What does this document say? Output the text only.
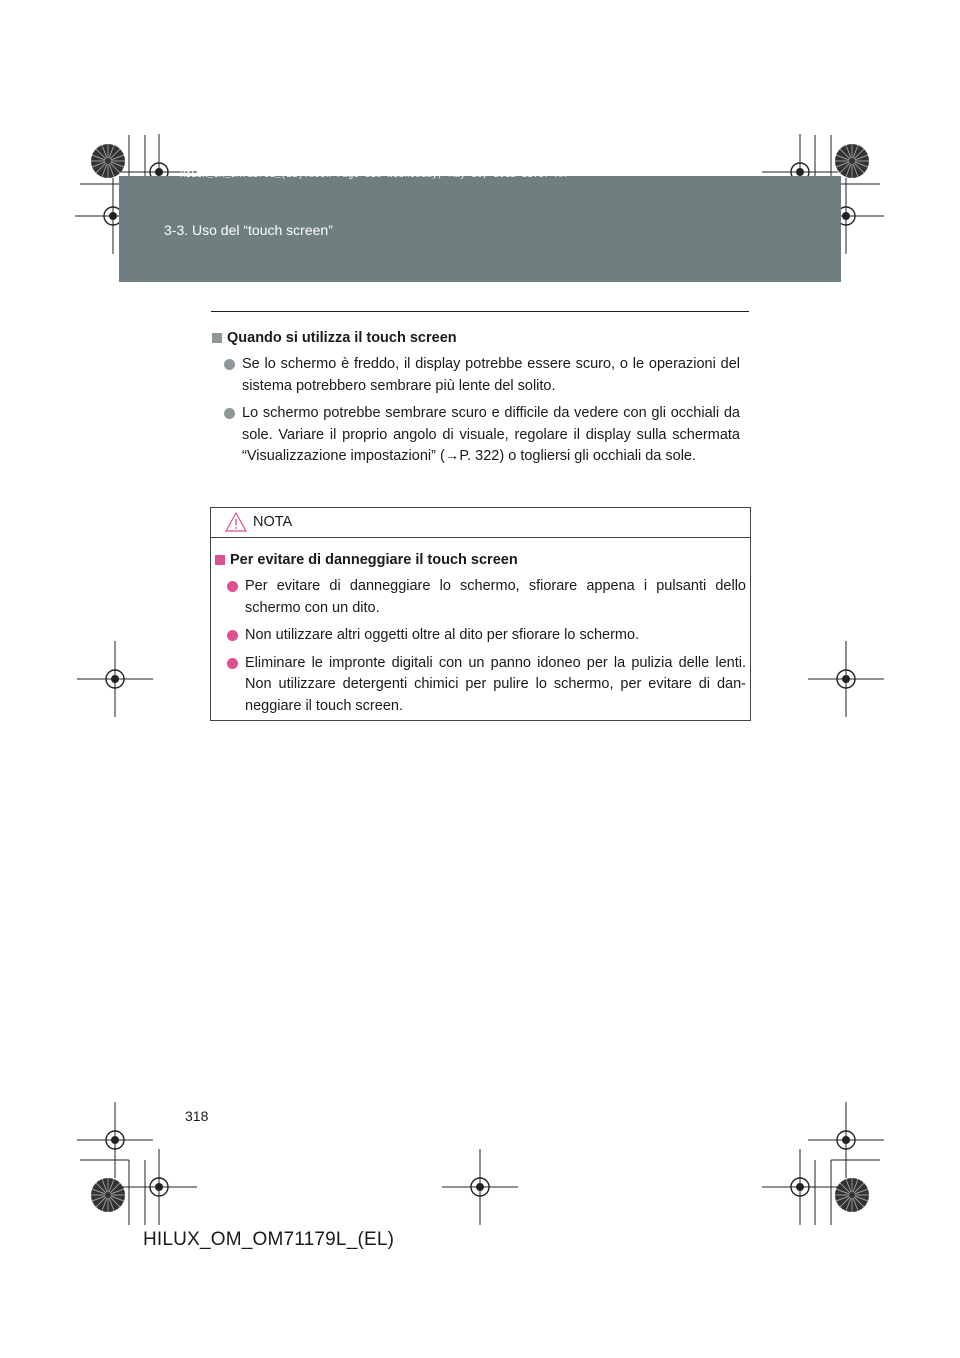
HILUX_OM_OM71179L_(EL).book Page 318 Wednesday, May 16, 2012 11:37 AM
3-3. Uso del “touch screen”
Quando si utilizza il touch screen
Se lo schermo è freddo, il display potrebbe essere scuro, o le operazioni del sistema potrebbero sembrare più lente del solito.
Lo schermo potrebbe sembrare scuro e difficile da vedere con gli occhiali da sole. Variare il proprio angolo di visuale, regolare il display sulla schermata “Visualizzazione impostazioni” (→P. 322) o togliersi gli occhiali da sole.
NOTA
Per evitare di danneggiare il touch screen
Per evitare di danneggiare lo schermo, sfiorare appena i pulsanti dello schermo con un dito.
Non utilizzare altri oggetti oltre al dito per sfiorare lo schermo.
Eliminare le impronte digitali con un panno idoneo per la pulizia delle lenti. Non utilizzare detergenti chimici per pulire lo schermo, per evitare di dan-neggiare il touch screen.
318
HILUX_OM_OM71179L_(EL)
